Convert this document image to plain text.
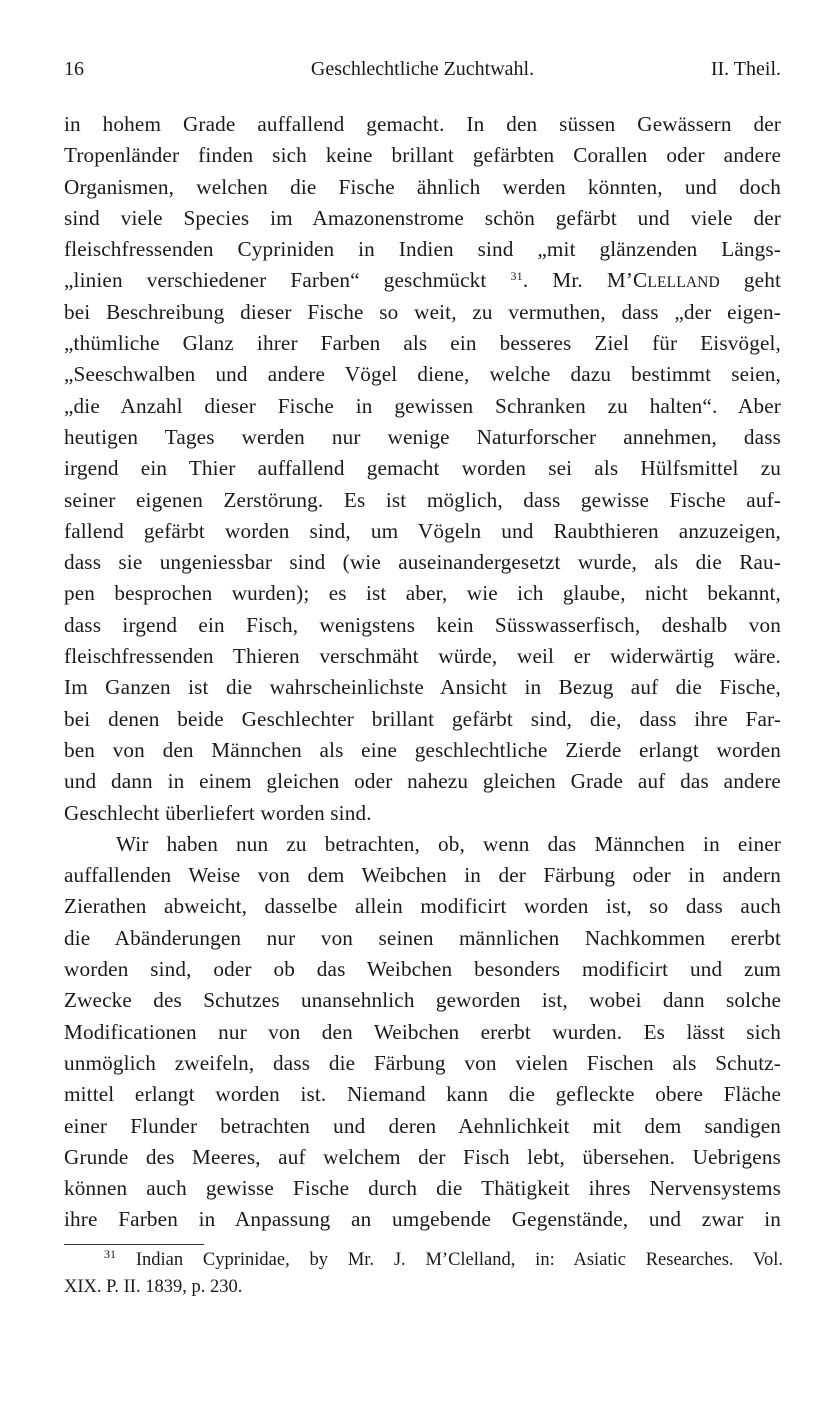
16	Geschlechtliche Zuchtwahl.	II. Theil.
in hohem Grade auffallend gemacht. In den süssen Gewässern der
Tropenländer finden sich keine brillant gefärbten Corallen oder andere
Organismen, welchen die Fische ähnlich werden könnten, und doch
sind viele Species im Amazonenstrome schön gefärbt und viele der
fleischfressenden Cypriniden in Indien sind „mit glänzenden Längs-
„linien verschiedener Farben“ geschmückt $^{31}$. Mr. M’CLELLAND geht
bei Beschreibung dieser Fische so weit, zu vermuthen, dass „der eigen-
„thümliche Glanz ihrer Farben als ein besseres Ziel für Eisvögel,
„Seeschwalben und andere Vögel diene, welche dazu bestimmt seien,
„die Anzahl dieser Fische in gewissen Schranken zu halten“. Aber
heutigen Tages werden nur wenige Naturforscher annehmen, dass
irgend ein Thier auffallend gemacht worden sei als Hülfsmittel zu
seiner eigenen Zerstörung. Es ist möglich, dass gewisse Fische auf-
fallend gefärbt worden sind, um Vögeln und Raubthieren anzuzeigen,
dass sie ungeniessbar sind (wie auseinandergesetzt wurde, als die Rau-
pen besprochen wurden); es ist aber, wie ich glaube, nicht bekannt,
dass irgend ein Fisch, wenigstens kein Süsswasserfisch, deshalb von
fleischfressenden Thieren verschmäht würde, weil er widerwärtig wäre.
Im Ganzen ist die wahrscheinlichste Ansicht in Bezug auf die Fische,
bei denen beide Geschlechter brillant gefärbt sind, die, dass ihre Far-
ben von den Männchen als eine geschlechtliche Zierde erlangt worden
und dann in einem gleichen oder nahezu gleichen Grade auf das andere
Geschlecht überliefert worden sind.
Wir haben nun zu betrachten, ob, wenn das Männchen in einer
auffallenden Weise von dem Weibchen in der Färbung oder in andern
Zierathen abweicht, dasselbe allein modificirt worden ist, so dass auch
die Abänderungen nur von seinen männlichen Nachkommen ererbt
worden sind, oder ob das Weibchen besonders modificirt und zum
Zwecke des Schutzes unansehnlich geworden ist, wobei dann solche
Modificationen nur von den Weibchen ererbt wurden. Es lässt sich
unmöglich zweifeln, dass die Färbung von vielen Fischen als Schutz-
mittel erlangt worden ist. Niemand kann die gefleckte obere Fläche
einer Flunder betrachten und deren Aehnlichkeit mit dem sandigen
Grunde des Meeres, auf welchem der Fisch lebt, übersehen. Uebrigens
können auch gewisse Fische durch die Thätigkeit ihres Nervensystems
ihre Farben in Anpassung an umgebende Gegenstände, und zwar in
$^{31}$ Indian Cyprinidae, by Mr. J. M’Clelland, in: Asiatic Researches. Vol.
XIX. P. II. 1839, p. 230.
